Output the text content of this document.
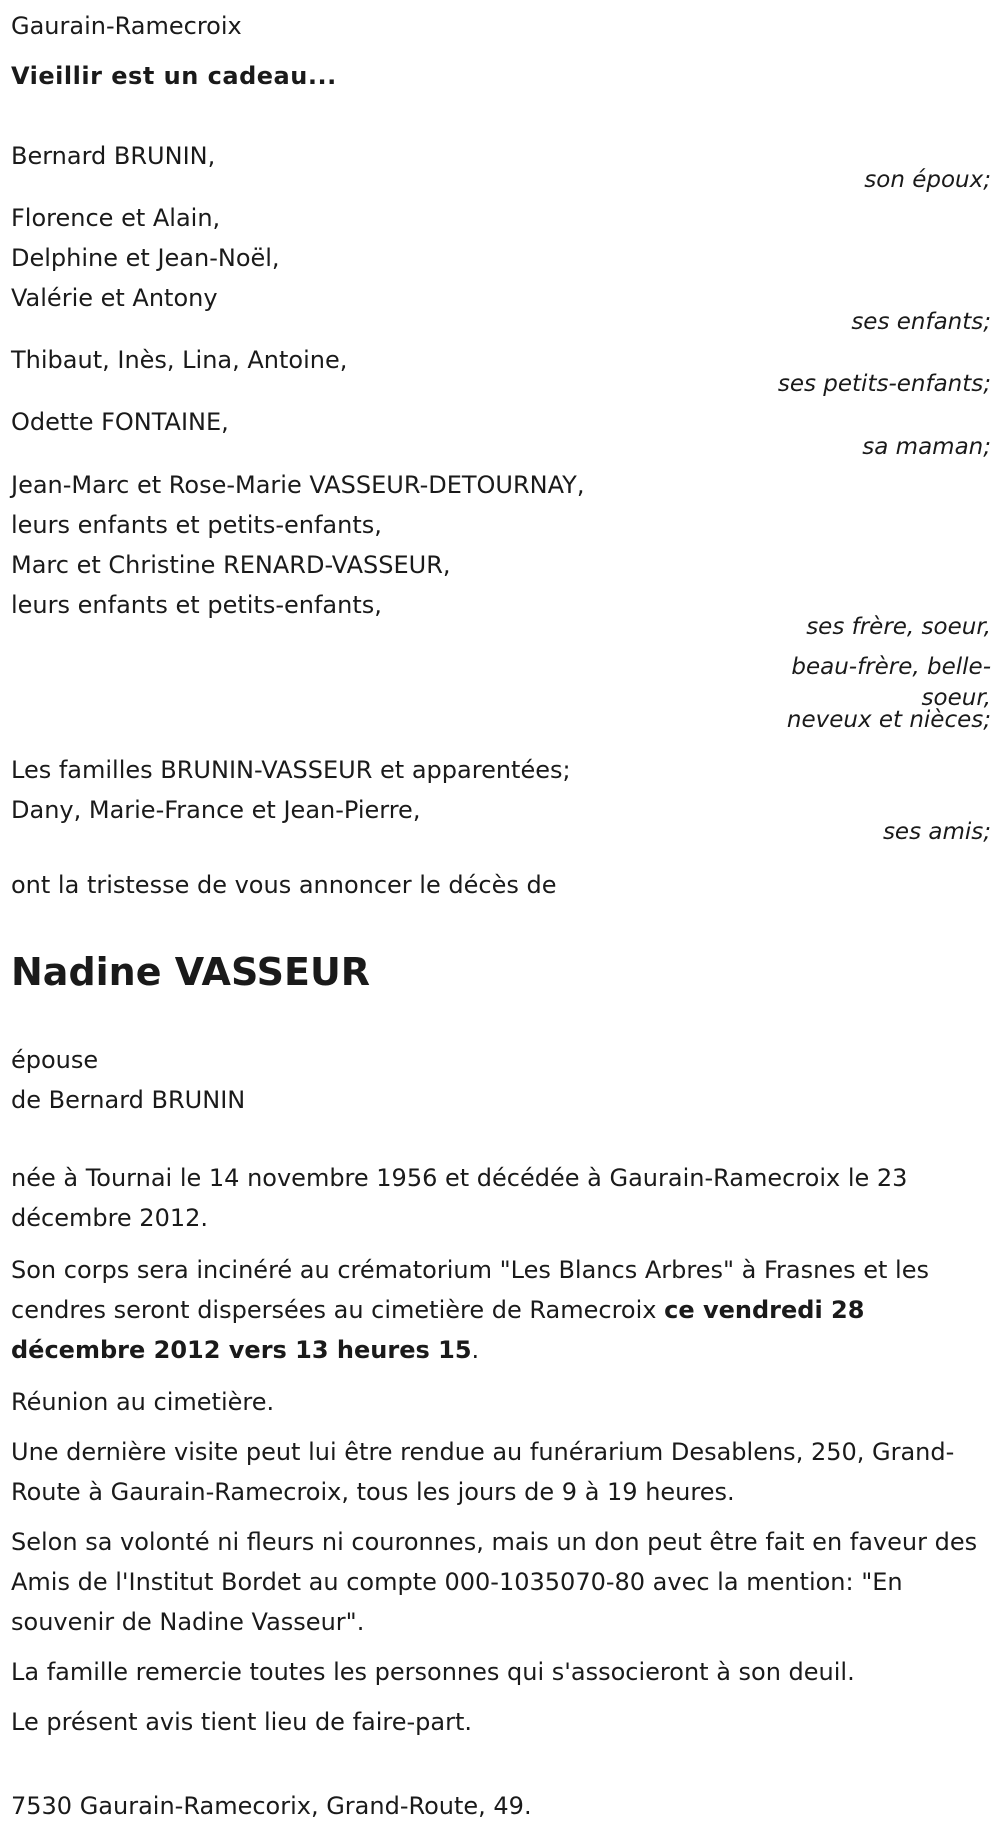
Gaurain-Ramecroix
Vieillir est un cadeau...
Bernard BRUNIN,
son époux;
Florence et Alain,
Delphine et Jean-Noël,
Valérie et Antony
ses enfants;
Thibaut, Inès, Lina, Antoine,
ses petits-enfants;
Odette FONTAINE,
sa maman;
Jean-Marc et Rose-Marie VASSEUR-DETOURNAY,
leurs enfants et petits-enfants,
Marc et Christine RENARD-VASSEUR,
leurs enfants et petits-enfants,
ses frère, soeur,
beau-frère, belle-
soeur,
neveux et nièces;
Les familles BRUNIN-VASSEUR et apparentées;
Dany, Marie-France et Jean-Pierre,
ses amis;
ont la tristesse de vous annoncer le décès de
Nadine VASSEUR
épouse
de Bernard BRUNIN
née à Tournai le 14 novembre 1956 et décédée à Gaurain-Ramecroix le 23 décembre 2012.
Son corps sera incinéré au crématorium "Les Blancs Arbres" à Frasnes et les cendres seront dispersées au cimetière de Ramecroix ce vendredi 28 décembre 2012 vers 13 heures 15.
Réunion au cimetière.
Une dernière visite peut lui être rendue au funérarium Desablens, 250, Grand-Route à Gaurain-Ramecroix, tous les jours de 9 à 19 heures.
Selon sa volonté ni fleurs ni couronnes, mais un don peut être fait en faveur des Amis de l'Institut Bordet au compte 000-1035070-80 avec la mention: "En souvenir de Nadine Vasseur".
La famille remercie toutes les personnes qui s'associeront à son deuil.
Le présent avis tient lieu de faire-part.
7530 Gaurain-Ramecorix, Grand-Route, 49.
